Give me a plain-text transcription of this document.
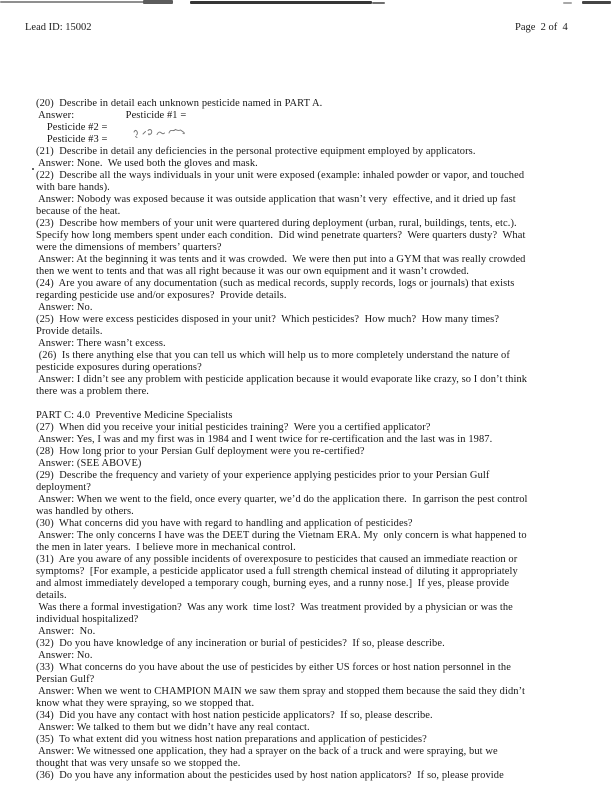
Lead ID: 15002	Page  2 of  4
(20)  Describe in detail each unknown pesticide named in PART A.
Answer:                   Pesticide #1 =
Pesticide #2 =
Pesticide #3 =
(21)  Describe in detail any deficiencies in the personal protective equipment employed by applicators.
Answer: None.  We used both the gloves and mask.
(22)  Describe all the ways individuals in your unit were exposed (example: inhaled powder or vapor, and touched
with bare hands).
Answer: Nobody was exposed because it was outside application that wasn’t very  effective, and it dried up fast
because of the heat.
(23)  Describe how members of your unit were quartered during deployment (urban, rural, buildings, tents, etc.).
Specify how long members spent under each condition.  Did wind penetrate quarters?  Were quarters dusty?  What
were the dimensions of members’ quarters?
Answer: At the beginning it was tents and it was crowded.  We were then put into a GYM that was really crowded
then we went to tents and that was all right because it was our own equipment and it wasn’t crowded.
(24)  Are you aware of any documentation (such as medical records, supply records, logs or journals) that exists
regarding pesticide use and/or exposures?  Provide details.
Answer: No.
(25)  How were excess pesticides disposed in your unit?  Which pesticides?  How much?  How many times?
Provide details.
Answer: There wasn’t excess.
(26)  Is there anything else that you can tell us which will help us to more completely understand the nature of
pesticide exposures during operations?
Answer: I didn’t see any problem with pesticide application because it would evaporate like crazy, so I don’t think
there was a problem there.
PART C: 4.0  Preventive Medicine Specialists
(27)  When did you receive your initial pesticides training?  Were you a certified applicator?
Answer: Yes, I was and my first was in 1984 and I went twice for re-certification and the last was in 1987.
(28)  How long prior to your Persian Gulf deployment were you re-certified?
Answer: (SEE ABOVE)
(29)  Describe the frequency and variety of your experience applying pesticides prior to your Persian Gulf
deployment?
Answer: When we went to the field, once every quarter, we’d do the application there.  In garrison the pest control
was handled by others.
(30)  What concerns did you have with regard to handling and application of pesticides?
Answer: The only concerns I have was the DEET during the Vietnam ERA. My  only concern is what happened to
the men in later years.  I believe more in mechanical control.
(31)  Are you aware of any possible incidents of overexposure to pesticides that caused an immediate reaction or
symptoms?  [For example, a pesticide applicator used a full strength chemical instead of diluting it appropriately
and almost immediately developed a temporary cough, burning eyes, and a runny nose.]  If yes, please provide
details.
Was there a formal investigation?  Was any work  time lost?  Was treatment provided by a physician or was the
individual hospitalized?
Answer:  No.
(32)  Do you have knowledge of any incineration or burial of pesticides?  If so, please describe.
Answer: No.
(33)  What concerns do you have about the use of pesticides by either US forces or host nation personnel in the
Persian Gulf?
Answer: When we went to CHAMPION MAIN we saw them spray and stopped them because the said they didn’t
know what they were spraying, so we stopped that.
(34)  Did you have any contact with host nation pesticide applicators?  If so, please describe.
Answer: We talked to them but we didn’t have any real contact.
(35)  To what extent did you witness host nation preparations and application of pesticides?
Answer: We witnessed one application, they had a sprayer on the back of a truck and were spraying, but we
thought that was very unsafe so we stopped the.
(36)  Do you have any information about the pesticides used by host nation applicators?  If so, please provide
